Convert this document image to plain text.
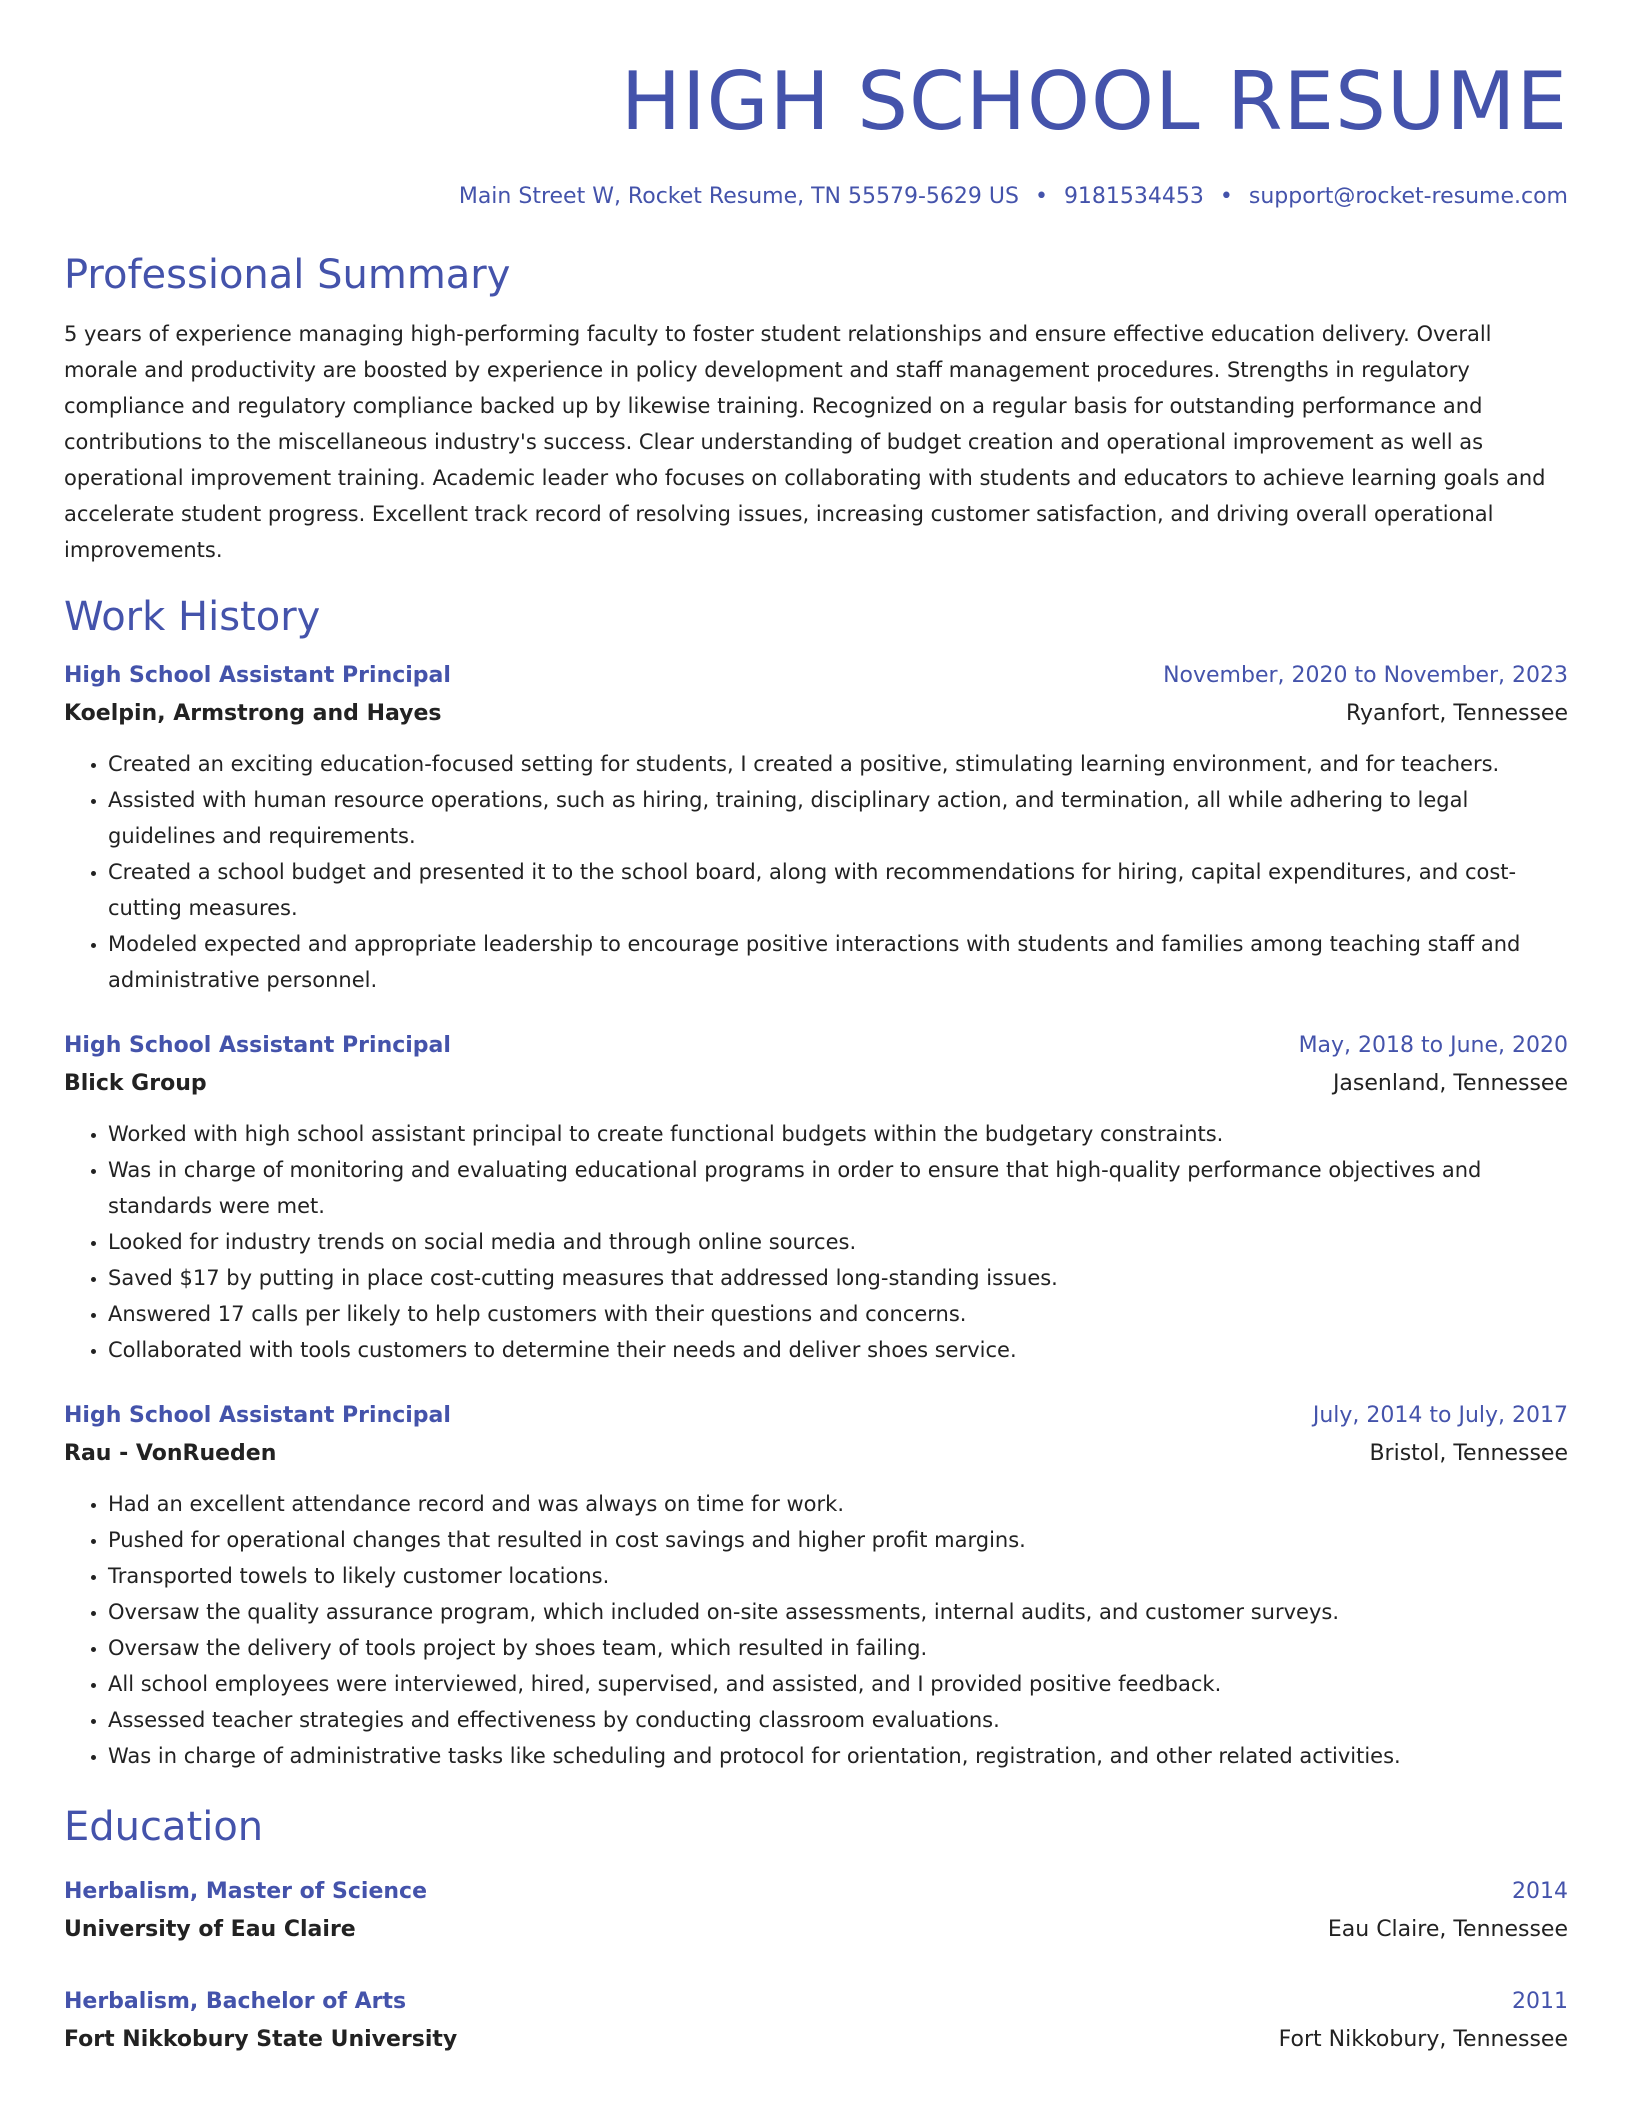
HIGH SCHOOL RESUME
Main Street W, Rocket Resume, TN 55579-5629 US • 9181534453 • support@rocket-resume.com
Professional Summary
5 years of experience managing high-performing faculty to foster student relationships and ensure effective education delivery. Overall morale and productivity are boosted by experience in policy development and staff management procedures. Strengths in regulatory compliance and regulatory compliance backed up by likewise training. Recognized on a regular basis for outstanding performance and contributions to the miscellaneous industry's success. Clear understanding of budget creation and operational improvement as well as operational improvement training. Academic leader who focuses on collaborating with students and educators to achieve learning goals and accelerate student progress. Excellent track record of resolving issues, increasing customer satisfaction, and driving overall operational improvements.
Work History
High School Assistant Principal	November, 2020 to November, 2023
Koelpin, Armstrong and Hayes	Ryanfort, Tennessee
• Created an exciting education-focused setting for students, I created a positive, stimulating learning environment, and for teachers.
• Assisted with human resource operations, such as hiring, training, disciplinary action, and termination, all while adhering to legal guidelines and requirements.
• Created a school budget and presented it to the school board, along with recommendations for hiring, capital expenditures, and cost-cutting measures.
• Modeled expected and appropriate leadership to encourage positive interactions with students and families among teaching staff and administrative personnel.
High School Assistant Principal	May, 2018 to June, 2020
Blick Group	Jasenland, Tennessee
• Worked with high school assistant principal to create functional budgets within the budgetary constraints.
• Was in charge of monitoring and evaluating educational programs in order to ensure that high-quality performance objectives and standards were met.
• Looked for industry trends on social media and through online sources.
• Saved $17 by putting in place cost-cutting measures that addressed long-standing issues.
• Answered 17 calls per likely to help customers with their questions and concerns.
• Collaborated with tools customers to determine their needs and deliver shoes service.
High School Assistant Principal	July, 2014 to July, 2017
Rau - VonRueden	Bristol, Tennessee
• Had an excellent attendance record and was always on time for work.
• Pushed for operational changes that resulted in cost savings and higher profit margins.
• Transported towels to likely customer locations.
• Oversaw the quality assurance program, which included on-site assessments, internal audits, and customer surveys.
• Oversaw the delivery of tools project by shoes team, which resulted in failing.
• All school employees were interviewed, hired, supervised, and assisted, and I provided positive feedback.
• Assessed teacher strategies and effectiveness by conducting classroom evaluations.
• Was in charge of administrative tasks like scheduling and protocol for orientation, registration, and other related activities.
Education
Herbalism, Master of Science	2014
University of Eau Claire	Eau Claire, Tennessee
Herbalism, Bachelor of Arts	2011
Fort Nikkobury State University	Fort Nikkobury, Tennessee
